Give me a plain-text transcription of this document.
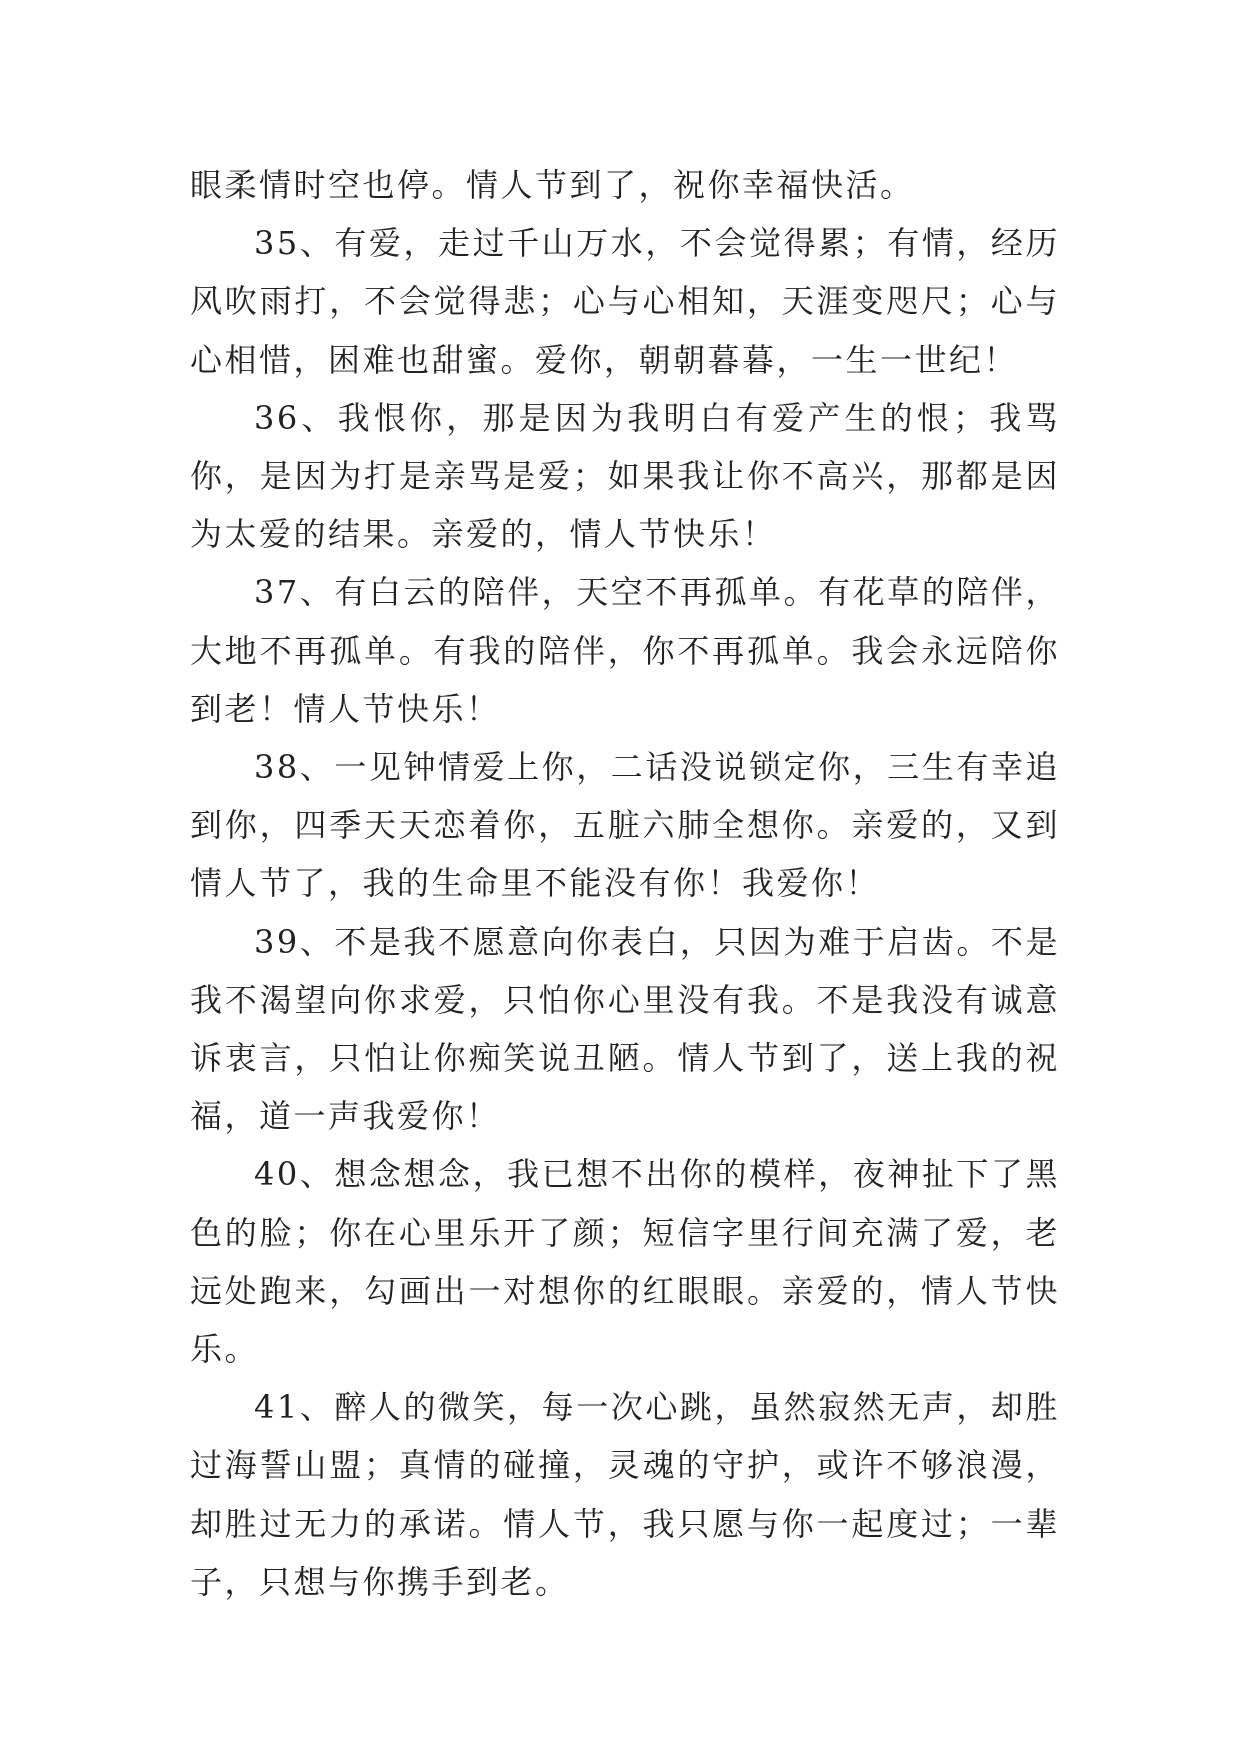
眼柔情时空也停。情人节到了，祝你幸福快活。

35、有爱，走过千山万水，不会觉得累；有情，经历风吹雨打，不会觉得悲；心与心相知，天涯变咫尺；心与心相惜，困难也甜蜜。爱你，朝朝暮暮，一生一世纪！

36、我恨你，那是因为我明白有爱产生的恨；我骂你，是因为打是亲骂是爱；如果我让你不高兴，那都是因为太爱的结果。亲爱的，情人节快乐！

37、有白云的陪伴，天空不再孤单。有花草的陪伴，大地不再孤单。有我的陪伴，你不再孤单。我会永远陪你到老！情人节快乐！

38、一见钟情爱上你，二话没说锁定你，三生有幸追到你，四季天天恋着你，五脏六肺全想你。亲爱的，又到情人节了，我的生命里不能没有你！我爱你！

39、不是我不愿意向你表白，只因为难于启齿。不是我不渴望向你求爱，只怕你心里没有我。不是我没有诚意诉衷言，只怕让你痴笑说丑陋。情人节到了，送上我的祝福，道一声我爱你！

40、想念想念，我已想不出你的模样，夜神扯下了黑色的脸；你在心里乐开了颜；短信字里行间充满了爱，老远处跑来，勾画出一对想你的红眼眼。亲爱的，情人节快乐。

41、醉人的微笑，每一次心跳，虽然寂然无声，却胜过海誓山盟；真情的碰撞，灵魂的守护，或许不够浪漫，却胜过无力的承诺。情人节，我只愿与你一起度过；一辈子，只想与你携手到老。
